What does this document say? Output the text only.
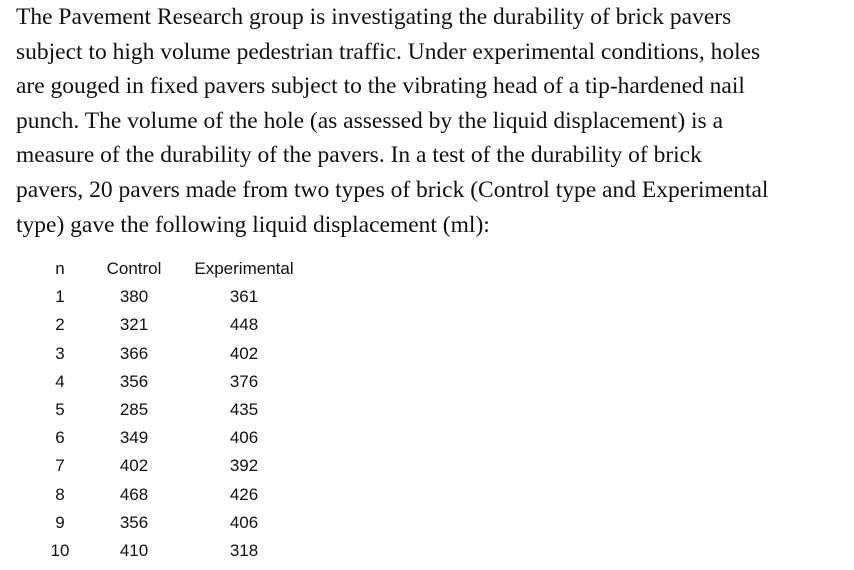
The Pavement Research group is investigating the durability of brick pavers
subject to high volume pedestrian traffic. Under experimental conditions, holes
are gouged in fixed pavers subject to the vibrating head of a tip-hardened nail
punch. The volume of the hole (as assessed by the liquid displacement) is a
measure of the durability of the pavers. In a test of the durability of brick
pavers, 20 pavers made from two types of brick (Control type and Experimental
type) gave the following liquid displacement (ml):

n	Control	Experimental
1	380	361
2	321	448
3	366	402
4	356	376
5	285	435
6	349	406
7	402	392
8	468	426
9	356	406
10	410	318
